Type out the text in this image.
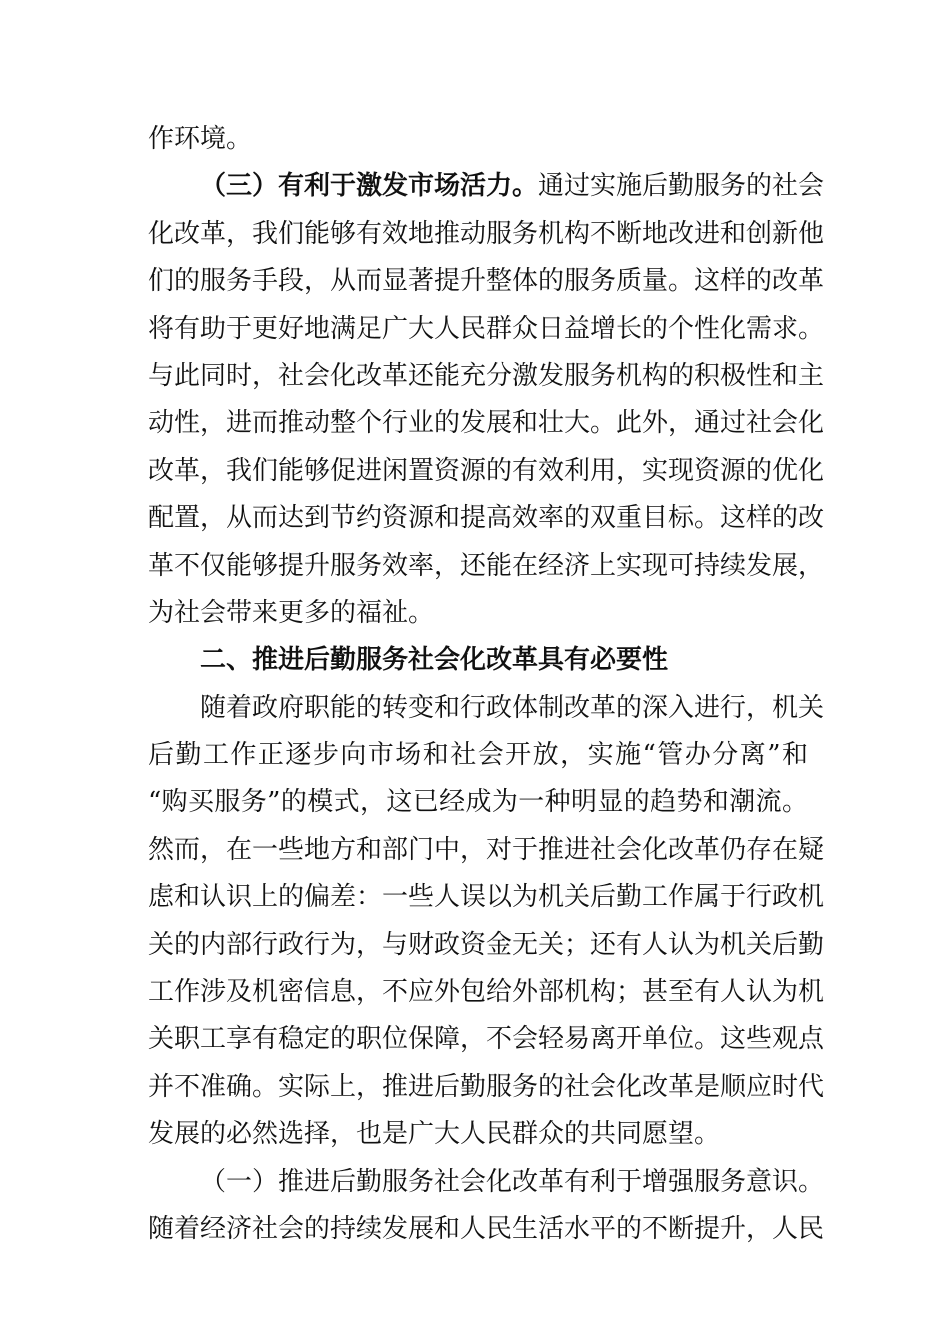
作环境。
（三）有利于激发市场活力。通过实施后勤服务的社会
化改革，我们能够有效地推动服务机构不断地改进和创新他
们的服务手段，从而显著提升整体的服务质量。这样的改革
将有助于更好地满足广大人民群众日益增长的个性化需求。
与此同时，社会化改革还能充分激发服务机构的积极性和主
动性，进而推动整个行业的发展和壮大。此外，通过社会化
改革，我们能够促进闲置资源的有效利用，实现资源的优化
配置，从而达到节约资源和提高效率的双重目标。这样的改
革不仅能够提升服务效率，还能在经济上实现可持续发展，
为社会带来更多的福祉。
二、推进后勤服务社会化改革具有必要性
随着政府职能的转变和行政体制改革的深入进行，机关
后勤工作正逐步向市场和社会开放，实施“管办分离”和
“购买服务”的模式，这已经成为一种明显的趋势和潮流。
然而，在一些地方和部门中，对于推进社会化改革仍存在疑
虑和认识上的偏差：一些人误以为机关后勤工作属于行政机
关的内部行政行为，与财政资金无关；还有人认为机关后勤
工作涉及机密信息，不应外包给外部机构；甚至有人认为机
关职工享有稳定的职位保障，不会轻易离开单位。这些观点
并不准确。实际上，推进后勤服务的社会化改革是顺应时代
发展的必然选择，也是广大人民群众的共同愿望。
（一）推进后勤服务社会化改革有利于增强服务意识。
随着经济社会的持续发展和人民生活水平的不断提升，人民
